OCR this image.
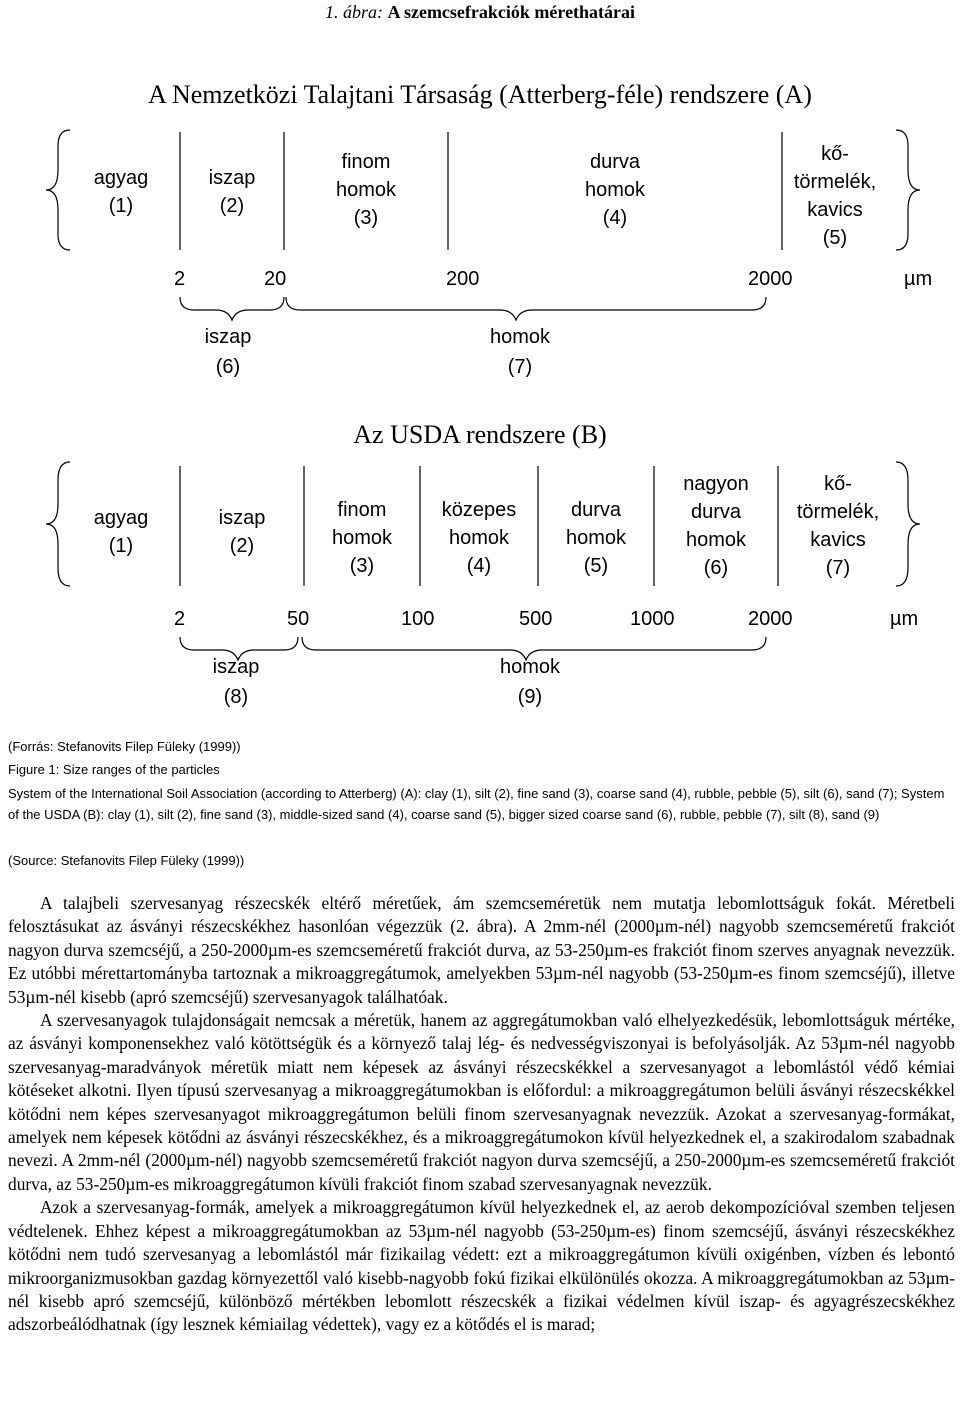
1. ábra: A szemcsefrakciók mérethatárai
A Nemzetközi Talajtani Társaság (Atterberg-féle) rendszere (A)
agyag
(1)
iszap
(2)
finom
homok
(3)
durva
homok
(4)
kő-
törmelék,
kavics
(5)
2	20	200	2000	µm
iszap
(6)
homok
(7)
Az USDA rendszere (B)
agyag
(1)
iszap
(2)
finom
homok
(3)
közepes
homok
(4)
durva
homok
(5)
nagyon
durva
homok
(6)
kő-
törmelék,
kavics
(7)
2	50	100	500	1000	2000	µm
iszap
(8)
homok
(9)
(Forrás: Stefanovits Filep Füleky (1999))
Figure 1: Size ranges of the particles
System of the International Soil Association (according to Atterberg) (A): clay (1), silt (2), fine sand (3), coarse sand (4), rubble, pebble (5), silt (6), sand (7); System of the USDA (B): clay (1), silt (2), fine sand (3), middle-sized sand (4), coarse sand (5), bigger sized coarse sand (6), rubble, pebble (7), silt (8), sand (9)
(Source: Stefanovits Filep Füleky (1999))

A talajbeli szervesanyag részecskék eltérő méretűek, ám szemcseméretük nem mutatja lebomlottságuk fokát. Méretbeli felosztásukat az ásványi részecskékhez hasonlóan végezzük (2. ábra). A 2mm-nél (2000µm-nél) nagyobb szemcseméretű frakciót nagyon durva szemcséjű, a 250-2000µm-es szemcseméretű frakciót durva, az 53-250µm-es frakciót finom szerves anyagnak nevezzük. Ez utóbbi mérettartományba tartoznak a mikroaggregátumok, amelyekben 53µm-nél nagyobb (53-250µm-es finom szemcséjű), illetve 53µm-nél kisebb (apró szemcséjű) szervesanyagok találhatóak.

A szervesanyagok tulajdonságait nemcsak a méretük, hanem az aggregátumokban való elhelyezkedésük, lebomlottságuk mértéke, az ásványi komponensekhez való kötöttségük és a környező talaj lég- és nedvességviszonyai is befolyásolják. Az 53µm-nél nagyobb szervesanyag-maradványok méretük miatt nem képesek az ásványi részecskékkel a szervesanyagot a lebomlástól védő kémiai kötéseket alkotni. Ilyen típusú szervesanyag a mikroaggregátumokban is előfordul: a mikroaggregátumon belüli ásványi részecskékkel kötődni nem képes szervesanyagot mikroaggregátumon belüli finom szervesanyagnak nevezzük. Azokat a szervesanyag-formákat, amelyek nem képesek kötődni az ásványi részecskékhez, és a mikroaggregátumokon kívül helyezkednek el, a szakirodalom szabadnak nevezi. A 2mm-nél (2000µm-nél) nagyobb szemcseméretű frakciót nagyon durva szemcséjű, a 250-2000µm-es szemcseméretű frakciót durva, az 53-250µm-es mikroaggregátumon kívüli frakciót finom szabad szervesanyagnak nevezzük.

Azok a szervesanyag-formák, amelyek a mikroaggregátumon kívül helyezkednek el, az aerob dekompozícióval szemben teljesen védtelenek. Ehhez képest a mikroaggregátumokban az 53µm-nél nagyobb (53-250µm-es) finom szemcséjű, ásványi részecskékhez kötődni nem tudó szervesanyag a lebomlástól már fizikailag védett: ezt a mikroaggregátumon kívüli oxigénben, vízben és lebontó mikroorganizmusokban gazdag környezettől való kisebb-nagyobb fokú fizikai elkülönülés okozza. A mikroaggregátumokban az 53µm-nél kisebb apró szemcséjű, különböző mértékben lebomlott részecskék a fizikai védelmen kívül iszap- és agyagrészecskékhez adszorbeálódhatnak (így lesznek kémiailag védettek), vagy ez a kötődés el is marad;
